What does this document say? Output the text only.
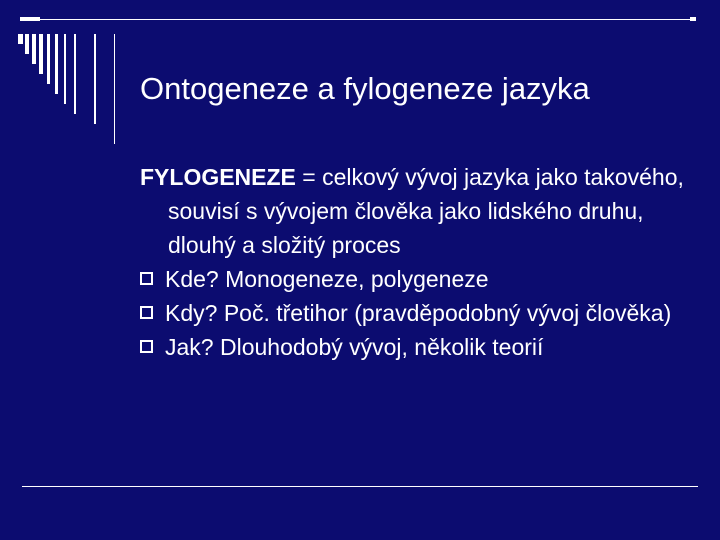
Ontogeneze a fylogeneze jazyka

FYLOGENEZE = celkový vývoj jazyka jako takového, souvisí s vývojem člověka jako lidského druhu, dlouhý a složitý proces

Kde? Monogeneze, polygeneze
Kdy? Poč. třetihor (pravděpodobný vývoj člověka)
Jak? Dlouhodobý vývoj, několik teorií
